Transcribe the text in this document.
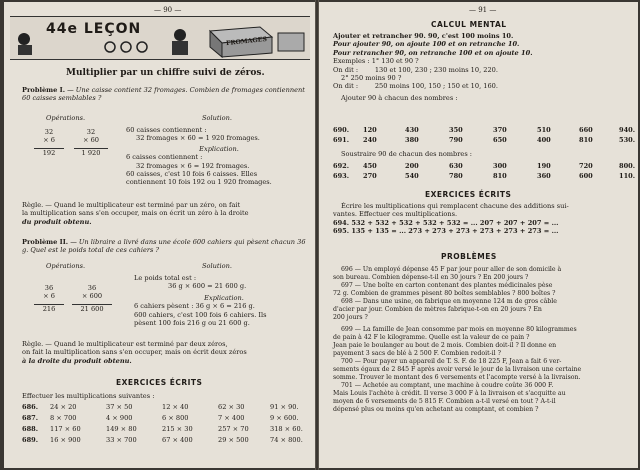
— 90 —
44e LEÇON
FROMAGES
Multiplier par un chiffre suivi de zéros.
Problème I. — Une caisse contient 32 fromages. Combien de fromages contiennent 60 caisses semblables ?
Opérations.	Solution.
32
× 6
192
32
× 60
1 920
60 caisses contiennent :
32 fromages × 60 = 1 920 fromages.
Explication.
6 caisses contiennent :
32 fromages × 6 = 192 fromages.
60 caisses, c'est 10 fois 6 caisses. Elles
contiennent 10 fois 192 ou 1 920 fromages.
Règle. — Quand le multiplicateur est terminé par un zéro, on fait
la multiplication sans s'en occuper, mais on écrit un zéro à la droite
du produit obtenu.
Problème II. — Un libraire a livré dans une école 600 cahiers qui pèsent chacun 36 g. Quel est le poids total de ces cahiers ?
Opérations.	Solution.
36
× 6
216
36
× 600
21 600
Le poids total est :
36 g × 600 = 21 600 g.
Explication.
6 cahiers pèsent : 36 g × 6 = 216 g.
600 cahiers, c'est 100 fois 6 cahiers. Ils
pèsent 100 fois 216 g ou 21 600 g.
Règle. — Quand le multiplicateur est terminé par deux zéros,
on fait la multiplication sans s'en occuper, mais on écrit deux zéros
à la droite du produit obtenu.
EXERCICES ÉCRITS
Effectuer les multiplications suivantes :
686. 24 × 20	37 × 50	12 × 40	62 × 30	91 × 90.
687. 8 × 700	4 × 900	6 × 800	7 × 400	9 × 600.
688. 117 × 60	149 × 80	215 × 30	257 × 70	318 × 60.
689. 16 × 900	33 × 700	67 × 400	29 × 500	74 × 800.
— 91 —
CALCUL MENTAL
Ajouter et retrancher 90. 90, c'est 100 moins 10.
Pour ajouter 90, on ajoute 100 et on retranche 10.
Pour retrancher 90, on retranche 100 et on ajoute 10.
Exemples : 1° 130 et 90 ?
On dit :	130 et 100, 230 ; 230 moins 10, 220.
2° 250 moins 90 ?
On dit :	250 moins 100, 150 ; 150 et 10, 160.
Ajouter 90 à chacun des nombres :
690. 120	430	350	370	510	660	940.
691. 240	380	790	650	400	810	530.
Soustraire 90 de chacun des nombres :
692. 450	200	630	300	190	720	800.
693. 270	540	780	810	360	600	110.
EXERCICES ÉCRITS
Écrire les multiplications qui remplacent chacune des additions sui-
vantes. Effectuer ces multiplications.
694. 532 + 532 + 532 + 532 + 532 = ... 207 + 207 + 207 = ...
695. 135 + 135 = ... 273 + 273 + 273 + 273 + 273 + 273 = ...
PROBLÈMES
696 — Un employé dépense 45 F par jour pour aller de son domicile à
son bureau. Combien dépense-t-il en 30 jours ? En 200 jours ?
697 — Une boîte en carton contenant des plantes médicinales pèse
72 g. Combien de grammes pèsent 80 boîtes semblables ? 800 boîtes ?
698 — Dans une usine, on fabrique en moyenne 124 m de gros câble
d'acier par jour. Combien de mètres fabrique-t-on en 20 jours ? En
200 jours ?
699 — La famille de Jean consomme par mois en moyenne 80 kilogrammes
de pain à 42 F le kilogramme. Quelle est la valeur de ce pain ?
Jean paie le boulanger au bout de 2 mois. Combien doit-il ? Il donne en
payement 3 sacs de blé à 2 500 F. Combien redoit-il ?
700 — Pour payer un appareil de T. S. F. de 18 225 F, Jean a fait 6 ver-
sements égaux de 2 845 F après avoir versé le jour de la livraison une certaine
somme. Trouver le montant des 6 versements et l'acompte versé à la livraison.
701 — Achetée au comptant, une machine à coudre coûte 36 000 F.
Mais Louis l'achète à crédit. Il verse 3 000 F à la livraison et s'acquitte au
moyen de 6 versements de 5 815 F. Combien a-t-il versé en tout ? A-t-il
dépensé plus ou moins qu'en achetant au comptant, et combien ?
